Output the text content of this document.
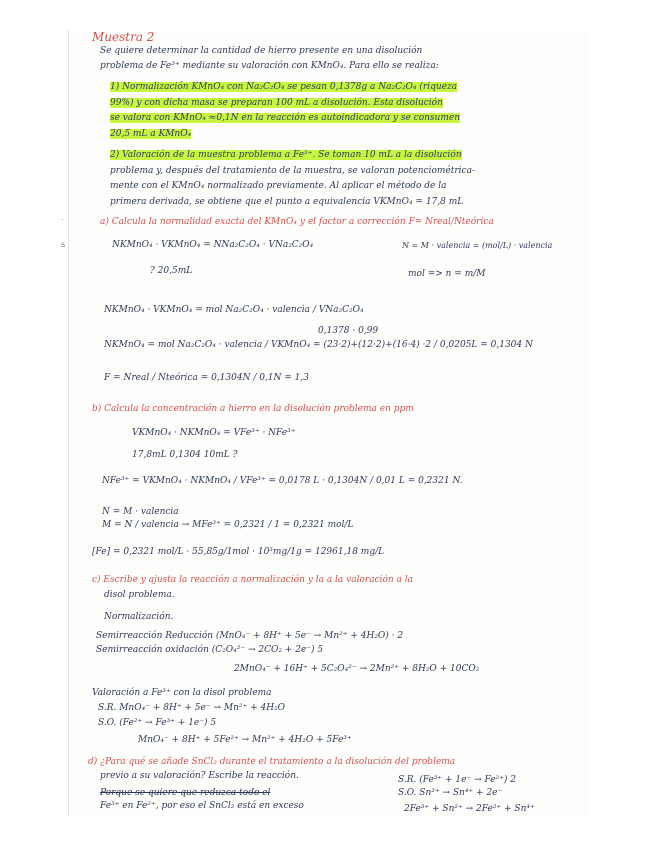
.
s
Muestra 2
Se quiere determinar la cantidad de hierro presente en una disolución
problema de Fe³⁺ mediante su valoración con KMnO₄. Para ello se realiza:
1) Normalización KMnO₄ con Na₂C₂O₄ se pesan 0,1378g a Na₂C₂O₄ (riqueza
99%) y con dicha masa se preparan 100 mL a disolución. Esta disolución
se valora con KMnO₄ ≈0,1N en la reacción es autoindicadora y se consumen
20,5 mL a KMnO₄
2) Valoración de la muestra problema a Fe³⁺. Se toman 10 mL a la disolución
problema y, después del tratamiento de la muestra, se valoran potenciométrica-
mente con el KMnO₄ normalizado previamente. Al aplicar el método de la
primera derivada, se obtiene que el punto a equivalencia VKMnO₄ = 17,8 mL
a) Calcula la normalidad exacta del KMnO₄ y el factor a corrección F= Nreal/Nteórica
NKMnO₄ · VKMnO₄ = NNa₂C₂O₄ · VNa₂C₂O₄	N = M · valencia = (mol/L) · valencia
? 20,5mL	mol => n = m/M
NKMnO₄ · VKMnO₄ = mol Na₂C₂O₄ · valencia / VNa₂C₂O₄
0,1378 · 0,99
NKMnO₄ = mol Na₂C₂O₄ · valencia / VKMnO₄ = (23·2)+(12·2)+(16·4) ·2 / 0,0205L = 0,1304 N
F = Nreal / Nteórica = 0,1304N / 0,1N = 1,3
b) Calcula la concentración a hierro en la disolución problema en ppm
VKMnO₄ · NKMnO₄ = VFe³⁺ · NFe³⁺
17,8mL 0,1304 10mL ?
NFe³⁺ = VKMnO₄ · NKMnO₄ / VFe³⁺ = 0,0178 L · 0,1304N / 0,01 L = 0,2321 N.
N = M · valencia
M = N / valencia → MFe³⁺ = 0,2321 / 1 = 0,2321 mol/L
[Fe] = 0,2321 mol/L · 55,85g/1mol · 10³mg/1g = 12961,18 mg/L
c) Escribe y ajusta la reacción a normalización y la a la valoración a la
disol problema.
Normalización.
Semirreacción Reducción (MnO₄⁻ + 8H⁺ + 5e⁻ → Mn²⁺ + 4H₂O) · 2
Semirreacción oxidación (C₂O₄²⁻ → 2CO₂ + 2e⁻) 5
2MnO₄⁻ + 16H⁺ + 5C₂O₄²⁻ → 2Mn²⁺ + 8H₂O + 10CO₂
Valoración a Fe³⁺ con la disol problema
S.R. MnO₄⁻ + 8H⁺ + 5e⁻ → Mn²⁺ + 4H₂O
S.O. (Fe²⁺ → Fe³⁺ + 1e⁻) 5
MnO₄⁻ + 8H⁺ + 5Fe²⁺ → Mn²⁺ + 4H₂O + 5Fe³⁺
d) ¿Para qué se añade SnCl₂ durante el tratamiento a la disolución del problema
previo a su valoración? Escribe la reacción.
Porque se quiere que reduzca todo el
Fe³⁺ en Fe²⁺, por eso el SnCl₂ está en exceso
S.R. (Fe³⁺ + 1e⁻ → Fe²⁺) 2
S.O. Sn²⁺ → Sn⁴⁺ + 2e⁻
2Fe³⁺ + Sn²⁺ → 2Fe²⁺ + Sn⁴⁺
